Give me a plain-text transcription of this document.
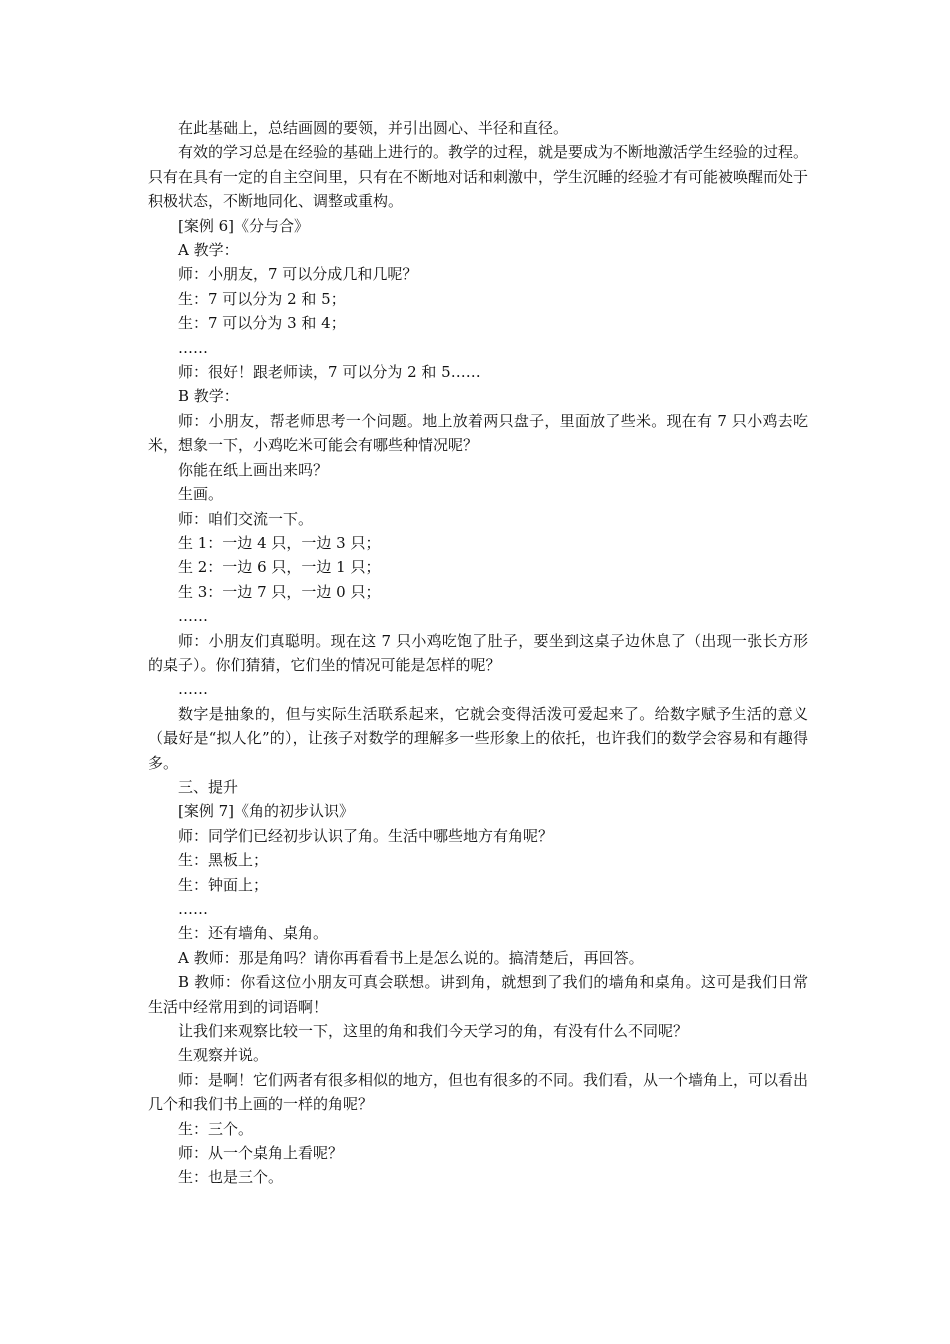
在此基础上，总结画圆的要领，并引出圆心、半径和直径。

有效的学习总是在经验的基础上进行的。教学的过程，就是要成为不断地激活学生经验的过程。只有在具有一定的自主空间里，只有在不断地对话和刺激中，学生沉睡的经验才有可能被唤醒而处于积极状态，不断地同化、调整或重构。

[案例 6]《分与合》

A 教学：

师：小朋友，7 可以分成几和几呢？

生：7 可以分为 2 和 5；

生：7 可以分为 3 和 4；

……

师：很好！跟老师读，7 可以分为 2 和 5……

B 教学：

师：小朋友，帮老师思考一个问题。地上放着两只盘子，里面放了些米。现在有 7 只小鸡去吃米，想象一下，小鸡吃米可能会有哪些种情况呢？

你能在纸上画出来吗？

生画。

师：咱们交流一下。

生 1：一边 4 只，一边 3 只；

生 2：一边 6 只，一边 1 只；

生 3：一边 7 只，一边 0 只；

……

师：小朋友们真聪明。现在这 7 只小鸡吃饱了肚子，要坐到这桌子边休息了（出现一张长方形的桌子）。你们猜猜，它们坐的情况可能是怎样的呢？

……

数字是抽象的，但与实际生活联系起来，它就会变得活泼可爱起来了。给数字赋予生活的意义（最好是“拟人化”的），让孩子对数学的理解多一些形象上的依托，也许我们的数学会容易和有趣得多。

三、提升

[案例 7]《角的初步认识》

师：同学们已经初步认识了角。生活中哪些地方有角呢？

生：黑板上；

生：钟面上；

……

生：还有墙角、桌角。

A 教师：那是角吗？请你再看看书上是怎么说的。搞清楚后，再回答。

B 教师：你看这位小朋友可真会联想。讲到角，就想到了我们的墙角和桌角。这可是我们日常生活中经常用到的词语啊！

让我们来观察比较一下，这里的角和我们今天学习的角，有没有什么不同呢？

生观察并说。

师：是啊！它们两者有很多相似的地方，但也有很多的不同。我们看，从一个墙角上，可以看出几个和我们书上画的一样的角呢？

生：三个。

师：从一个桌角上看呢？

生：也是三个。
